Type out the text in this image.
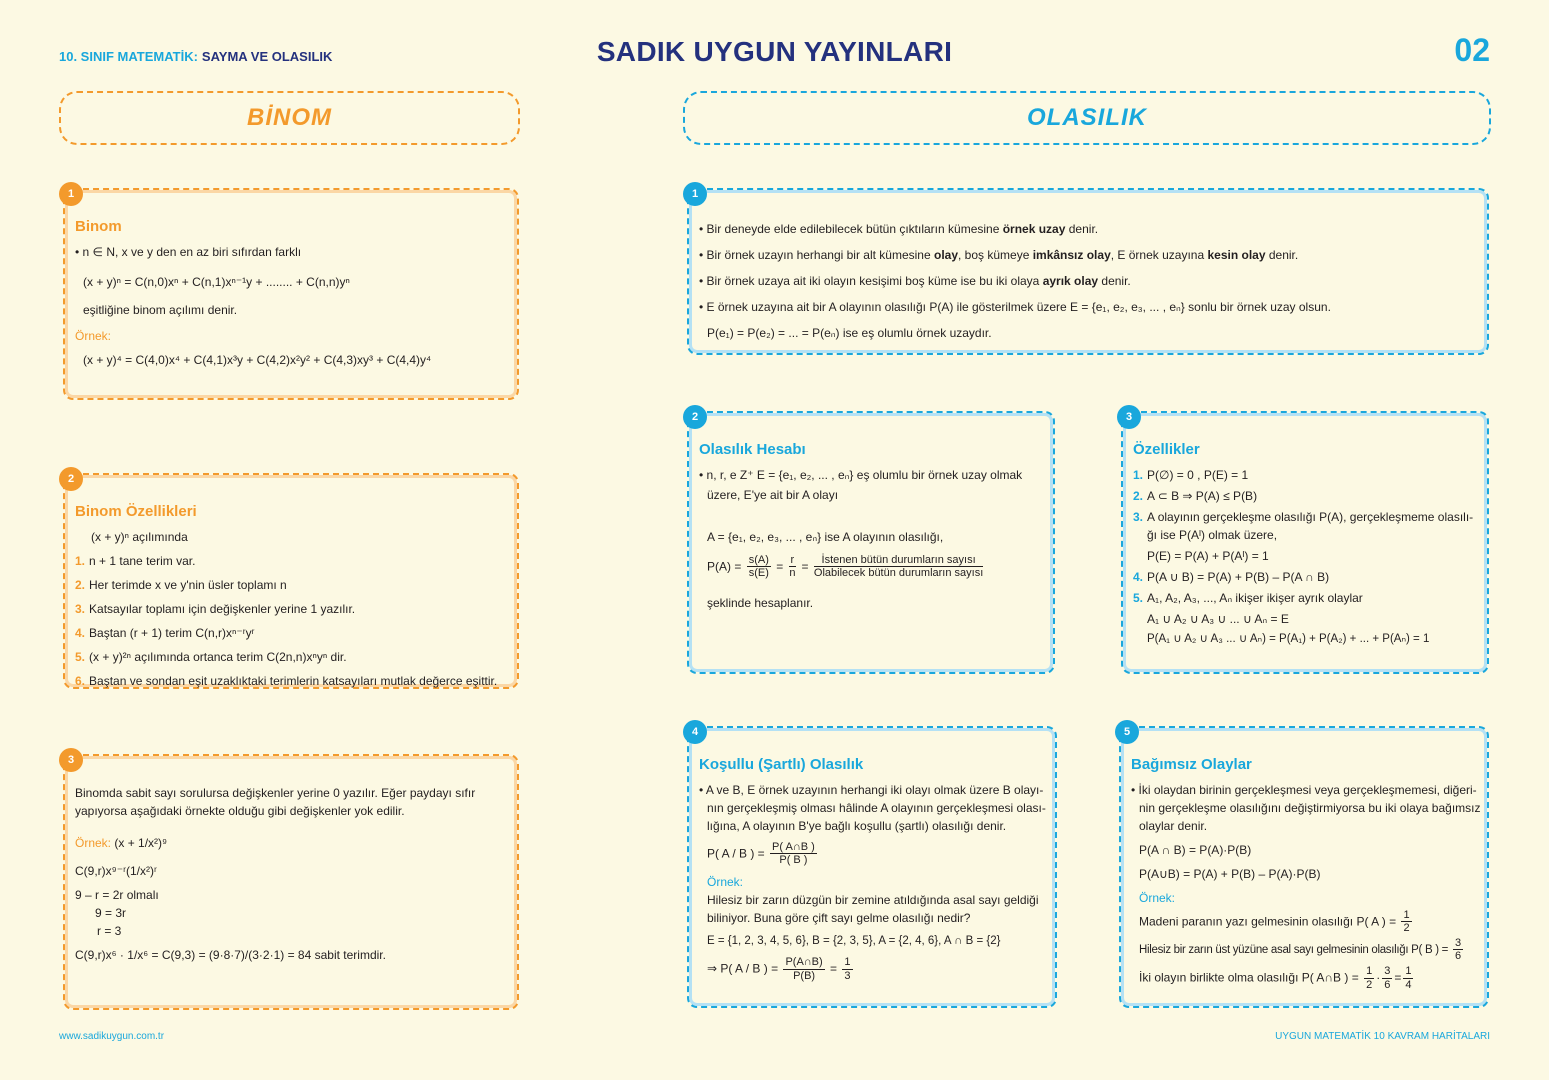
10. SINIF MATEMATİK: SAYMA VE OLASILIK	SADIK UYGUN YAYINLARI	02
BİNOM	OLASILIK
1
Binom
• n ∈ N, x ve y den en az biri sıfırdan farklı
(x + y)ⁿ = C(n,0)xⁿ + C(n,1)xⁿ⁻¹y + ........ + C(n,n)yⁿ
eşitliğine binom açılımı denir.
Örnek:
(x + y)⁴ = C(4,0)x⁴ + C(4,1)x³y + C(4,2)x²y² + C(4,3)xy³ + C(4,4)y⁴
2
Binom Özellikleri
(x + y)ⁿ açılımında
1. n + 1 tane terim var.
2. Her terimde x ve y'nin üsler toplamı n
3. Katsayılar toplamı için değişkenler yerine 1 yazılır.
4. Baştan (r + 1) terim C(n,r)xⁿ⁻ʳyʳ
5. (x + y)²ⁿ açılımında ortanca terim C(2n,n)xⁿyⁿ dir.
6. Baştan ve sondan eşit uzaklıktaki terimlerin katsayıları mutlak değerce eşittir.
3
Binomda sabit sayı sorulursa değişkenler yerine 0 yazılır. Eğer paydayı sıfır
yapıyorsa aşağıdaki örnekte olduğu gibi değişkenler yok edilir.
Örnek: (x + 1/x²)⁹
C(9,r)x⁹⁻ʳ(1/x²)ʳ
9 – r = 2r olmalı
9 = 3r
r = 3
C(9,r)x⁶ · 1/x⁶ = C(9,3) = (9·8·7)/(3·2·1) = 84 sabit terimdir.
1
• Bir deneyde elde edilebilecek bütün çıktıların kümesine örnek uzay denir.
• Bir örnek uzayın herhangi bir alt kümesine olay, boş kümeye imkânsız olay, E örnek uzayına kesin olay denir.
• Bir örnek uzaya ait iki olayın kesişimi boş küme ise bu iki olaya ayrık olay denir.
• E örnek uzayına ait bir A olayının olasılığı P(A) ile gösterilmek üzere E = {e₁, e₂, e₃, ... , eₙ} sonlu bir örnek uzay olsun.
P(e₁) = P(e₂) = ... = P(eₙ) ise eş olumlu örnek uzaydır.
2
Olasılık Hesabı
• n, r, e Z⁺ E = {e₁, e₂, ... , eₙ} eş olumlu bir örnek uzay olmak
üzere, E'ye ait bir A olayı
A = {e₁, e₂, e₃, ... , eₙ} ise A olayının olasılığı,
$P(A) = \frac{s(A)}{s(E)} = \frac{r}{n}$ = İstenen bütün durumların sayısı
Olabilecek bütün durumların sayısı
şeklinde hesaplanır.
3
Özellikler
1. P(∅) = 0 , P(E) = 1
2. A ⊂ B ⇒ P(A) ≤ P(B)
3. A olayının gerçekleşme olasılığı P(A), gerçekleşmeme olasılı-
ğı ise P(Aᴵ) olmak üzere,
P(E) = P(A) + P(Aᴵ) = 1
4. P(A ∪ B) = P(A) + P(B) – P(A ∩ B)
5. A₁, A₂, A₃, ..., Aₙ ikişer ikişer ayrık olaylar
A₁ ∪ A₂ ∪ A₃ ∪ ... ∪ Aₙ = E
P(A₁ ∪ A₂ ∪ A₃ ... ∪ Aₙ) = P(A₁) + P(A₂) + ... + P(Aₙ) = 1
4
Koşullu (Şartlı) Olasılık
• A ve B, E örnek uzayının herhangi iki olayı olmak üzere B olayı-
nın gerçekleşmiş olması hâlinde A olayının gerçekleşmesi olası-
lığına, A olayının B'ye bağlı koşullu (şartlı) olasılığı denir.
P( A / B ) = $\frac{P( A\cap B )}{P( B )}$
Örnek:
Hilesiz bir zarın düzgün bir zemine atıldığında asal sayı geldiği
biliniyor. Buna göre çift sayı gelme olasılığı nedir?
E = {1, 2, 3, 4, 5, 6}, B = {2, 3, 5}, A = {2, 4, 6}, A ∩ B = {2}
⇒ P( A / B ) = $\frac{P(A\cap B)}{P(B)} = \frac{1}{3}$
5
Bağımsız Olaylar
• İki olaydan birinin gerçekleşmesi veya gerçekleşmemesi, diğeri-
nin gerçekleşme olasılığını değiştirmiyorsa bu iki olaya bağımsız
olaylar denir.
P(A ∩ B) = P(A)·P(B)
P(A∪B) = P(A) + P(B) – P(A)·P(B)
Örnek:
Madeni paranın yazı gelmesinin olasılığı P( A ) = $\frac{1}{2}$
Hilesiz bir zarın üst yüzüne asal sayı gelmesinin olasılığı P( B ) = $\frac{3}{6}$
İki olayın birlikte olma olasılığı P( A∩B ) = $\frac{1}{2} \cdot \frac{3}{6} = \frac{1}{4}$
www.sadikuygun.com.tr	UYGUN MATEMATİK 10 KAVRAM HARİTALARI
